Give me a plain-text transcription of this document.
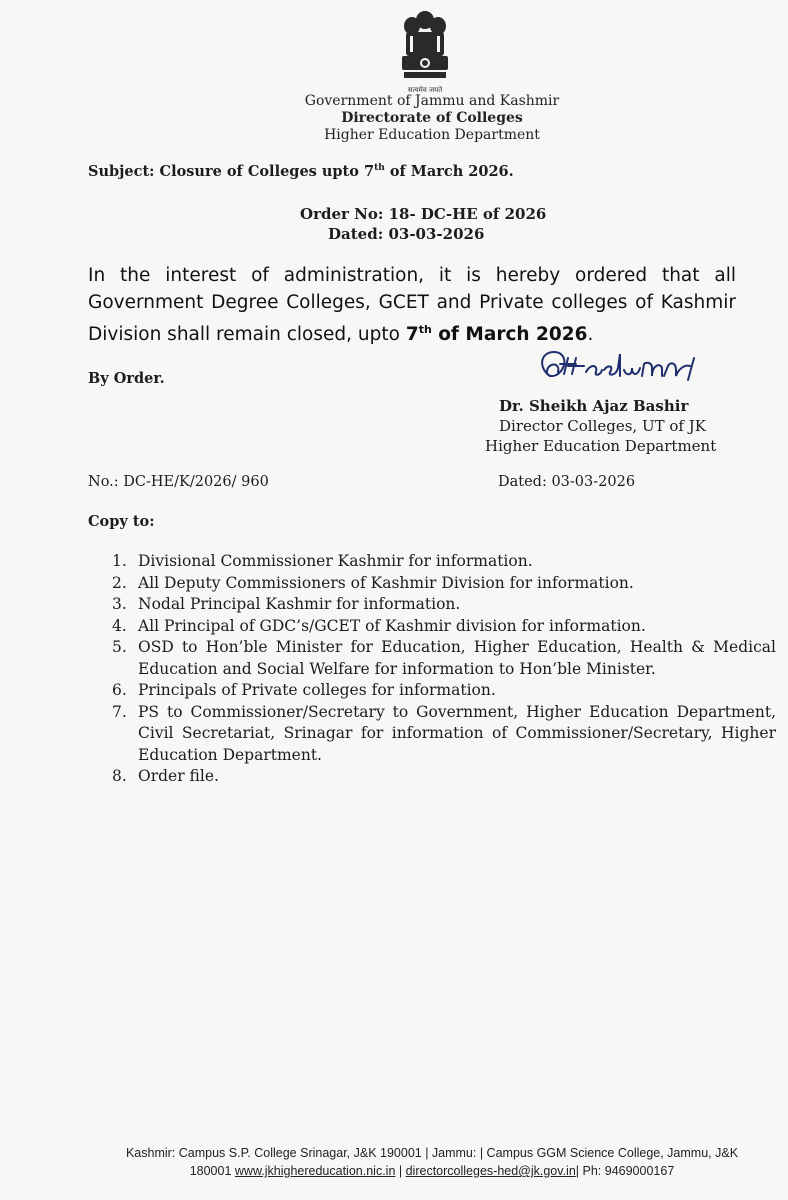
सत्यमेव जयते
Government of Jammu and Kashmir
Directorate of Colleges
Higher Education Department
Subject: Closure of Colleges upto 7th of March 2026.
Order No: 18- DC-HE of 2026
Dated: 03-03-2026
In the interest of administration, it is hereby ordered that all Government Degree Colleges, GCET and Private colleges of Kashmir Division shall remain closed, upto 7th of March 2026.
By Order.
Dr. Sheikh Ajaz Bashir
Director Colleges, UT of JK
Higher Education Department
No.: DC-HE/K/2026/ 960	Dated: 03-03-2026
Copy to:
1. Divisional Commissioner Kashmir for information.
2. All Deputy Commissioners of Kashmir Division for information.
3. Nodal Principal Kashmir for information.
4. All Principal of GDC’s/GCET of Kashmir division for information.
5. OSD to Hon’ble Minister for Education, Higher Education, Health & Medical Education and Social Welfare for information to Hon’ble Minister.
6. Principals of Private colleges for information.
7. PS to Commissioner/Secretary to Government, Higher Education Department, Civil Secretariat, Srinagar for information of Commissioner/Secretary, Higher Education Department.
8. Order file.
Kashmir: Campus S.P. College Srinagar, J&K 190001 | Jammu: | Campus GGM Science College, Jammu, J&K
180001 www.jkhighereducation.nic.in | directorcolleges-hed@jk.gov.in| Ph: 9469000167
